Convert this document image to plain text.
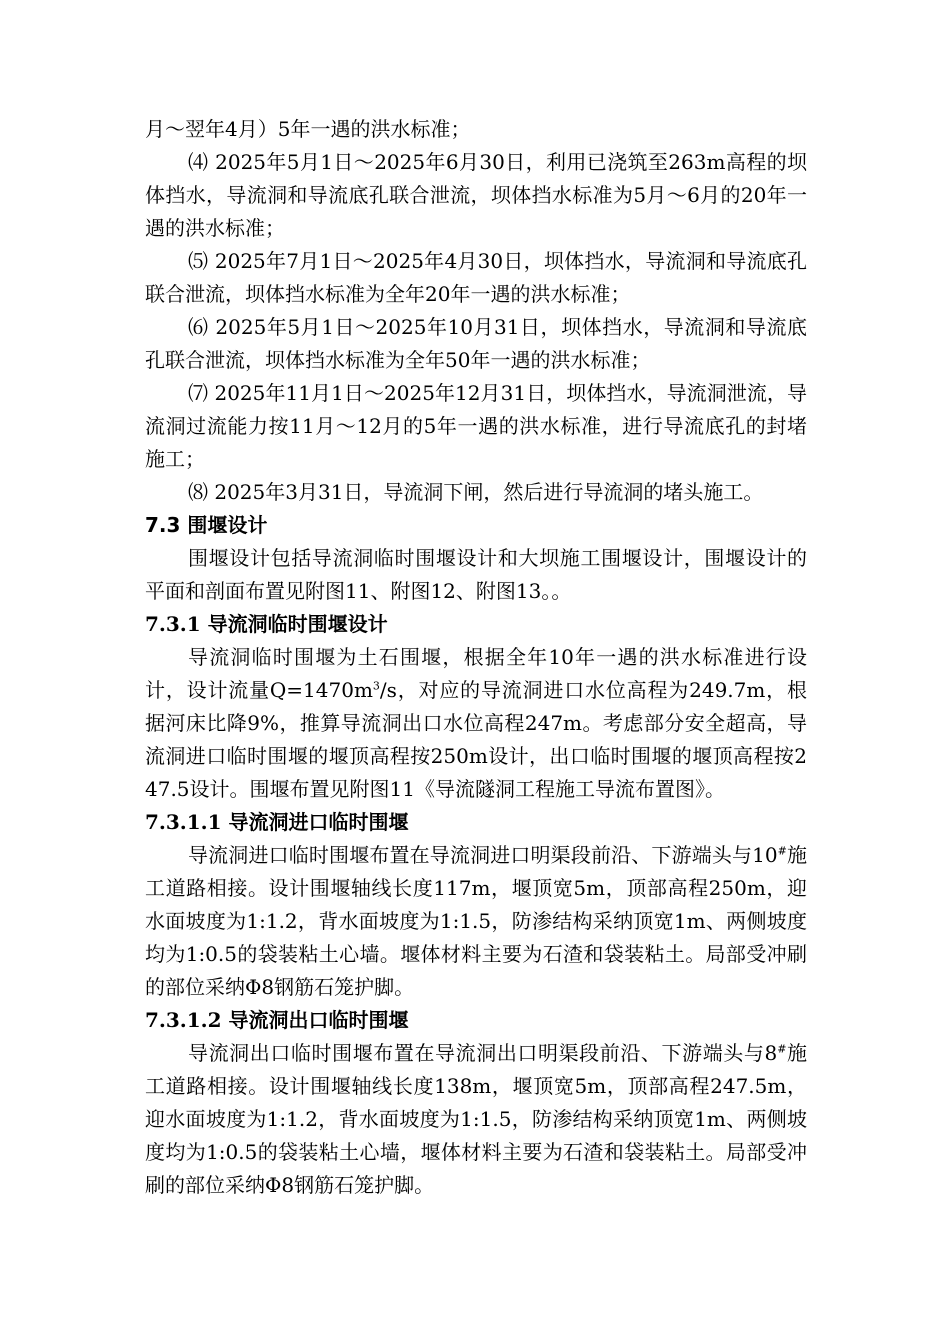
月～翌年4月）5年一遇的洪水标准；

⑷ 2025年5月1日～2025年6月30日，利用已浇筑至263m高程的坝体挡水，导流洞和导流底孔联合泄流，坝体挡水标准为5月～6月的20年一遇的洪水标准；

⑸ 2025年7月1日～2025年4月30日，坝体挡水，导流洞和导流底孔联合泄流，坝体挡水标准为全年20年一遇的洪水标准；

⑹ 2025年5月1日～2025年10月31日，坝体挡水，导流洞和导流底孔联合泄流，坝体挡水标准为全年50年一遇的洪水标准；

⑺ 2025年11月1日～2025年12月31日，坝体挡水，导流洞泄流，导流洞过流能力按11月～12月的5年一遇的洪水标准，进行导流底孔的封堵施工；

⑻ 2025年3月31日，导流洞下闸，然后进行导流洞的堵头施工。

7.3 围堰设计

围堰设计包括导流洞临时围堰设计和大坝施工围堰设计，围堰设计的平面和剖面布置见附图11、附图12、附图13。。

7.3.1 导流洞临时围堰设计

导流洞临时围堰为土石围堰，根据全年10年一遇的洪水标准进行设计，设计流量$Q=1470m^3/s$，对应的导流洞进口水位高程为249.7m，根据河床比降9%，推算导流洞出口水位高程247m。考虑部分安全超高，导流洞进口临时围堰的堰顶高程按250m设计，出口临时围堰的堰顶高程按247.5设计。围堰布置见附图11《导流隧洞工程施工导流布置图》。

7.3.1.1 导流洞进口临时围堰

导流洞进口临时围堰布置在导流洞进口明渠段前沿、下游端头与10#施工道路相接。设计围堰轴线长度117m，堰顶宽5m，顶部高程250m，迎水面坡度为1:1.2，背水面坡度为1:1.5，防渗结构采纳顶宽1m、两侧坡度均为1:0.5的袋装粘土心墙。堰体材料主要为石渣和袋装粘土。局部受冲刷的部位采纳Φ8钢筋石笼护脚。

7.3.1.2 导流洞出口临时围堰

导流洞出口临时围堰布置在导流洞出口明渠段前沿、下游端头与8#施工道路相接。设计围堰轴线长度138m，堰顶宽5m，顶部高程247.5m，迎水面坡度为1:1.2，背水面坡度为1:1.5，防渗结构采纳顶宽1m、两侧坡度均为1:0.5的袋装粘土心墙，堰体材料主要为石渣和袋装粘土。局部受冲刷的部位采纳Φ8钢筋石笼护脚。
